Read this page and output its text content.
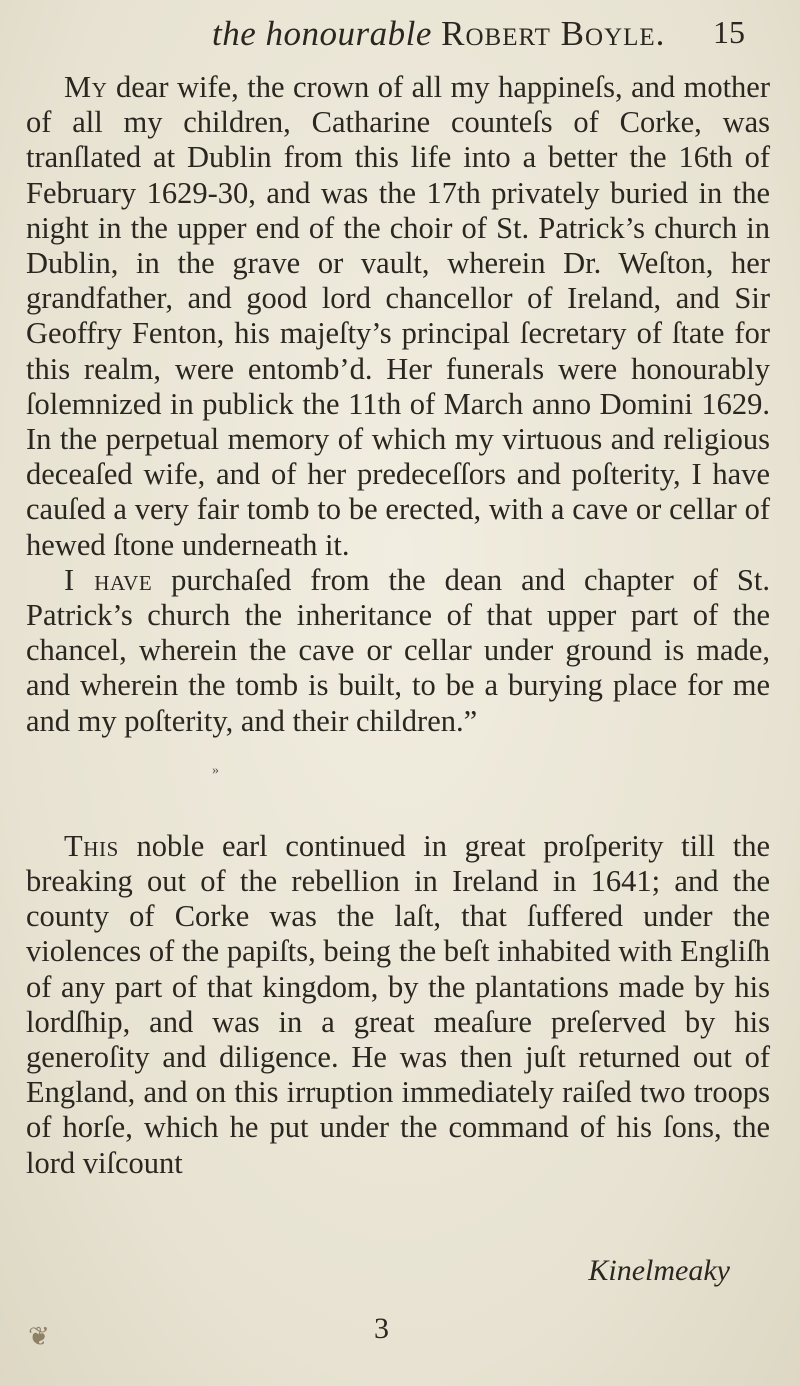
the honourable Robert Boyle. 15

My dear wife, the crown of all my happineſs, and mother of all my children, Catharine counteſs of Corke, was tranſlated at Dublin from this life into a better the 16th of February 1629-30, and was the 17th privately buried in the night in the upper end of the choir of St. Patrick’s church in Dublin, in the grave or vault, wherein Dr. Weſton, her grandfather, and good lord chancellor of Ireland, and Sir Geoffry Fenton, his majeſty’s principal ſecretary of ſtate for this realm, were entomb’d. Her funerals were honourably ſolemnized in publick the 11th of March anno Domini 1629. In the perpetual memory of which my virtuous and religious deceaſed wife, and of her predeceſſors and poſterity, I have cauſed a very fair tomb to be erected, with a cave or cellar of hewed ſtone underneath it.

I have purchaſed from the dean and chapter of St. Patrick’s church the inheritance of that upper part of the chancel, wherein the cave or cellar under ground is made, and wherein the tomb is built, to be a burying place for me and my poſterity, and their children.”

»

This noble earl continued in great proſperity till the breaking out of the rebellion in Ireland in 1641; and the county of Corke was the laſt, that ſuffered under the violences of the papiſts, being the beſt inhabited with Engliſh of any part of that kingdom, by the plantations made by his lordſhip, and was in a great meaſure preſerved by his generoſity and diligence. He was then juſt returned out of England, and on this irruption immediately raiſed two troops of horſe, which he put under the command of his ſons, the lord viſcount

Kinelmeaky
3
❦
